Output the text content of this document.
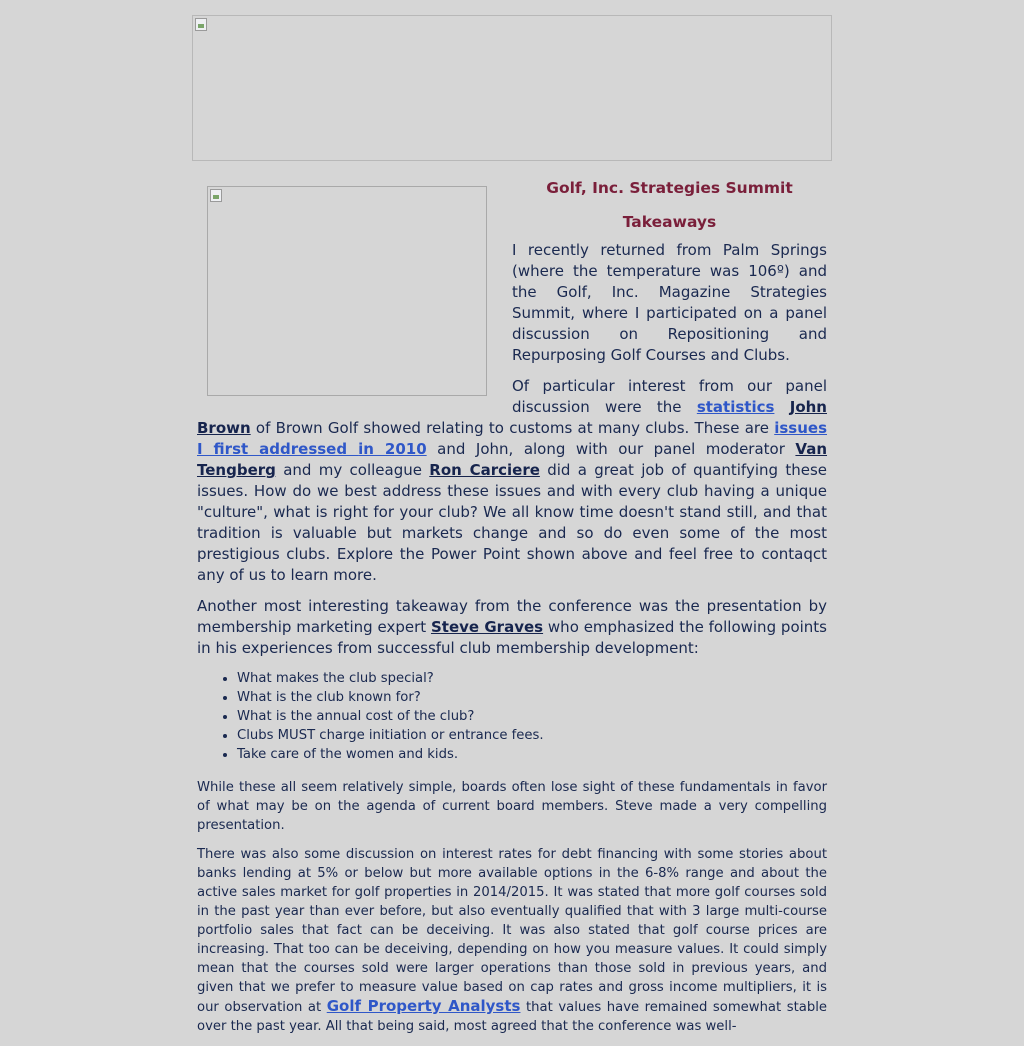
Golf, Inc. Strategies Summit
Takeaways

I recently returned from Palm Springs (where the temperature was 106º) and the Golf, Inc. Magazine Strategies Summit, where I participated on a panel discussion on Repositioning and Repurposing Golf Courses and Clubs.

Of particular interest from our panel discussion were the statistics John Brown of Brown Golf showed relating to customs at many clubs. These are issues I first addressed in 2010 and John, along with our panel moderator Van Tengberg and my colleague Ron Carciere did a great job of quantifying these issues. How do we best address these issues and with every club having a unique "culture", what is right for your club? We all know time doesn't stand still, and that tradition is valuable but markets change and so do even some of the most prestigious clubs. Explore the Power Point shown above and feel free to contaqct any of us to learn more.

Another most interesting takeaway from the conference was the presentation by membership marketing expert Steve Graves who emphasized the following points in his experiences from successful club membership development:

• What makes the club special?
• What is the club known for?
• What is the annual cost of the club?
• Clubs MUST charge initiation or entrance fees.
• Take care of the women and kids.

While these all seem relatively simple, boards often lose sight of these fundamentals in favor of what may be on the agenda of current board members. Steve made a very compelling presentation.

There was also some discussion on interest rates for debt financing with some stories about banks lending at 5% or below but more available options in the 6-8% range and about the active sales market for golf properties in 2014/2015. It was stated that more golf courses sold in the past year than ever before, but also eventually qualified that with 3 large multi-course portfolio sales that fact can be deceiving. It was also stated that golf course prices are increasing. That too can be deceiving, depending on how you measure values. It could simply mean that the courses sold were larger operations than those sold in previous years, and given that we prefer to measure value based on cap rates and gross income multipliers, it is our observation at Golf Property Analysts that values have remained somewhat stable over the past year. All that being said, most agreed that the conference was well-
